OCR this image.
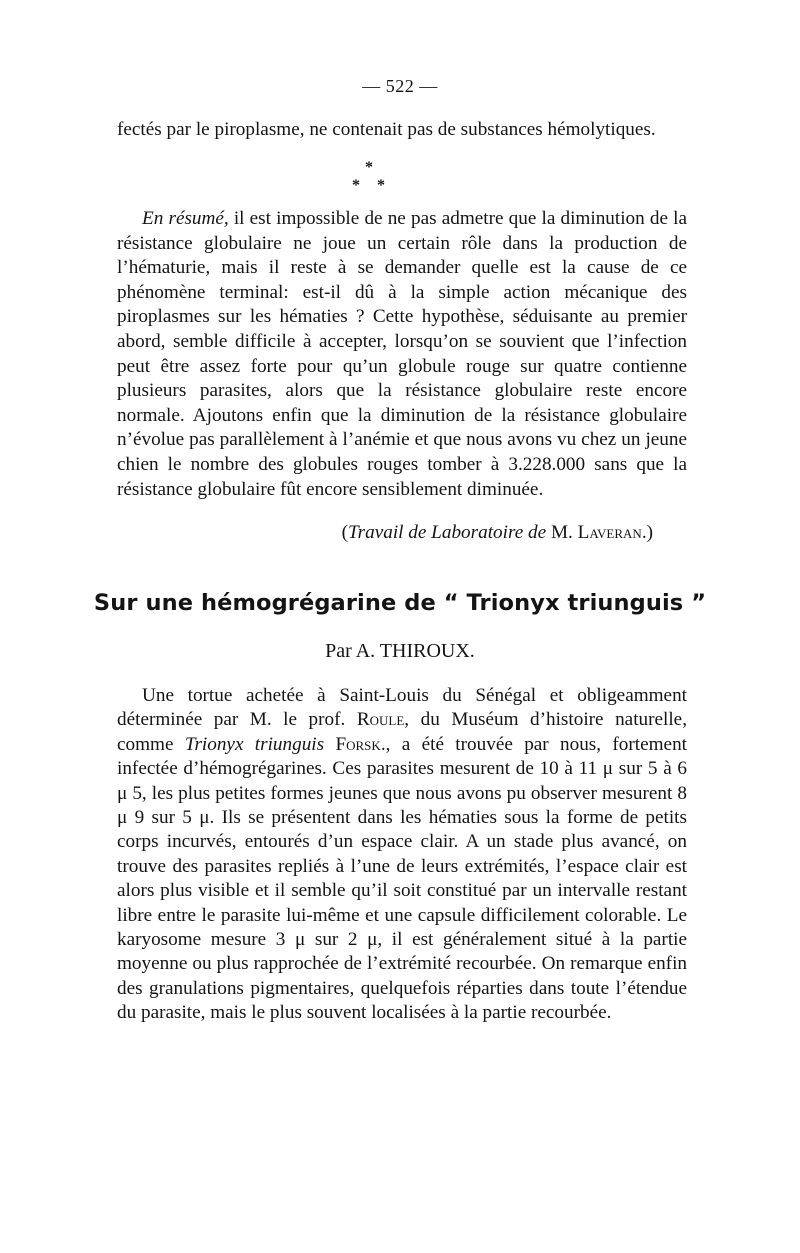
— 522 —

fectés par le piroplasme, ne contenait pas de substances hémolytiques.

*
* *

En résumé, il est impossible de ne pas admetre que la diminution de la résistance globulaire ne joue un certain rôle dans la production de l’hématurie, mais il reste à se demander quelle est la cause de ce phénomène terminal: est-il dû à la simple action mécanique des piroplasmes sur les hématies ? Cette hypothèse, séduisante au premier abord, semble difficile à accepter, lorsqu’on se souvient que l’infection peut être assez forte pour qu’un globule rouge sur quatre contienne plusieurs parasites, alors que la résistance globulaire reste encore normale. Ajoutons enfin que la diminution de la résistance globulaire n’évolue pas parallèlement à l’anémie et que nous avons vu chez un jeune chien le nombre des globules rouges tomber à 3.228.000 sans que la résistance globulaire fût encore sensiblement diminuée.

(Travail de Laboratoire de M. Laveran.)
Sur une hémogrégarine de “ Trionyx triunguis ”
Par A. THIROUX.

Une tortue achetée à Saint-Louis du Sénégal et obligeamment déterminée par M. le prof. Roule, du Muséum d’histoire naturelle, comme Trionyx triunguis Forsk., a été trouvée par nous, fortement infectée d’hémogrégarines. Ces parasites mesurent de 10 à 11 μ sur 5 à 6 μ 5, les plus petites formes jeunes que nous avons pu observer mesurent 8 μ 9 sur 5 μ. Ils se présentent dans les hématies sous la forme de petits corps incurvés, entourés d’un espace clair. A un stade plus avancé, on trouve des parasites repliés à l’une de leurs extrémités, l’espace clair est alors plus visible et il semble qu’il soit constitué par un intervalle restant libre entre le parasite lui-même et une capsule difficilement colorable. Le karyosome mesure 3 μ sur 2 μ, il est généralement situé à la partie moyenne ou plus rapprochée de l’extrémité recourbée. On remarque enfin des granulations pigmentaires, quelquefois réparties dans toute l’étendue du parasite, mais le plus souvent localisées à la partie recourbée.
